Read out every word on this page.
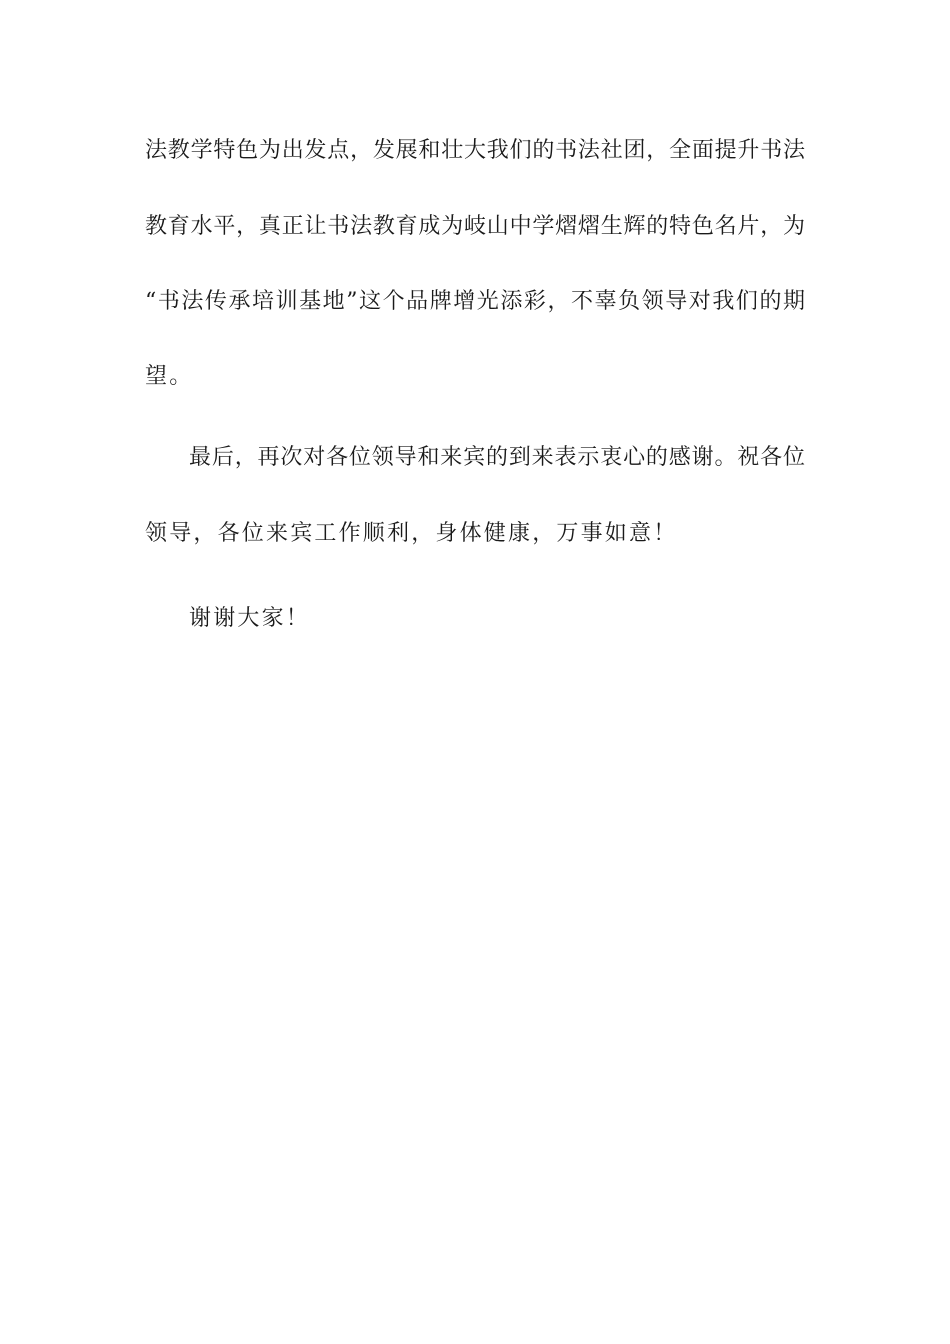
法教学特色为出发点，发展和壮大我们的书法社团，全面提升书法
教育水平，真正让书法教育成为岐山中学熠熠生辉的特色名片，为
“书法传承培训基地”这个品牌增光添彩，不辜负领导对我们的期
望。
最后，再次对各位领导和来宾的到来表示衷心的感谢。祝各位
领导，各位来宾工作顺利，身体健康，万事如意！
谢谢大家！
